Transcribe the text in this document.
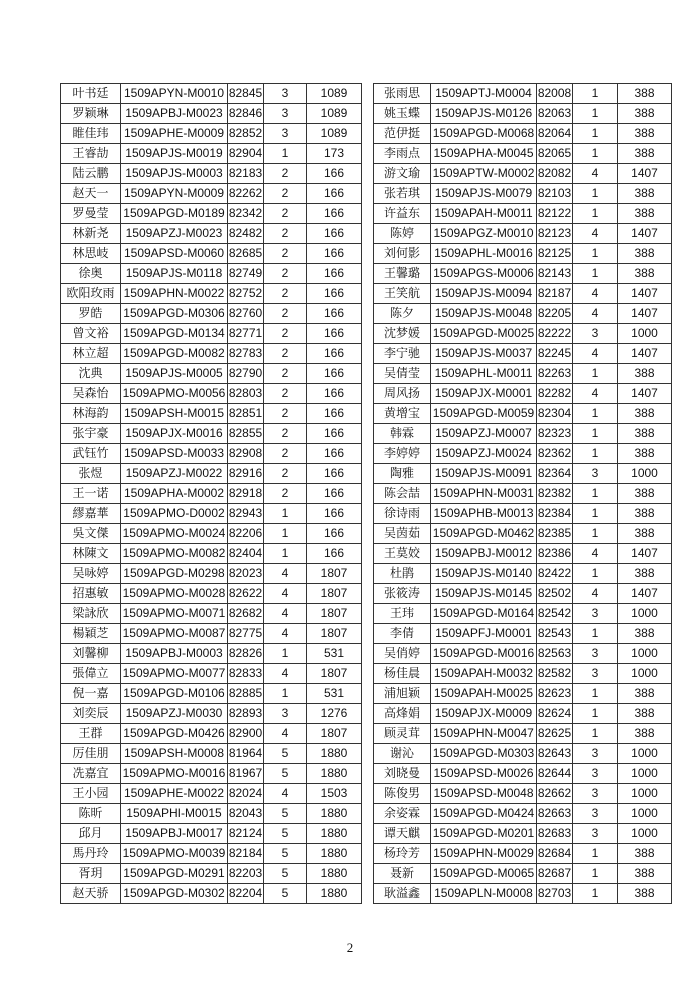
叶书廷	1509APYN-M0010	82845	3	1089
罗颖琳	1509APBJ-M0023	82846	3	1089
睢佳玮	1509APHE-M0009	82852	3	1089
王睿劼	1509APJS-M0019	82904	1	173
陆云鹏	1509APJS-M0003	82183	2	166
赵天一	1509APYN-M0009	82262	2	166
罗曼莹	1509APGD-M0189	82342	2	166
林新尧	1509APZJ-M0023	82482	2	166
林思岐	1509APSD-M0060	82685	2	166
徐奥	1509APJS-M0118	82749	2	166
欧阳玫雨	1509APHN-M0022	82752	2	166
罗皓	1509APGD-M0306	82760	2	166
曾文裕	1509APGD-M0134	82771	2	166
林立超	1509APGD-M0082	82783	2	166
沈典	1509APJS-M0005	82790	2	166
吴森怡	1509APMO-M0056	82803	2	166
林海韵	1509APSH-M0015	82851	2	166
张宇豪	1509APJX-M0016	82855	2	166
武钰竹	1509APSD-M0033	82908	2	166
张煜	1509APZJ-M0022	82916	2	166
王一诺	1509APHA-M0002	82918	2	166
繆嘉華	1509APMO-D0002	82943	1	166
吳文傑	1509APMO-M0024	82206	1	166
林陳文	1509APMO-M0082	82404	1	166
吴咏婷	1509APGD-M0298	82023	4	1807
招惠敏	1509APMO-M0028	82622	4	1807
梁詠欣	1509APMO-M0071	82682	4	1807
楊穎芝	1509APMO-M0087	82775	4	1807
刘馨柳	1509APBJ-M0003	82826	1	531
張偉立	1509APMO-M0077	82833	4	1807
倪一嘉	1509APGD-M0106	82885	1	531
刘奕辰	1509APZJ-M0030	82893	3	1276
王群	1509APGD-M0426	82900	4	1807
厉佳朋	1509APSH-M0008	81964	5	1880
冼嘉宜	1509APMO-M0016	81967	5	1880
王小园	1509APHE-M0022	82024	4	1503
陈昕	1509APHI-M0015	82043	5	1880
邱月	1509APBJ-M0017	82124	5	1880
馬丹玲	1509APMO-M0039	82184	5	1880
胥玥	1509APGD-M0291	82203	5	1880
赵天骄	1509APGD-M0302	82204	5	1880
张雨思	1509APTJ-M0004	82008	1	388
姚玉蝶	1509APJS-M0126	82063	1	388
范伊挺	1509APGD-M0068	82064	1	388
李雨点	1509APHA-M0045	82065	1	388
游文瑜	1509APTW-M0002	82082	4	1407
张若琪	1509APJS-M0079	82103	1	388
许益东	1509APAH-M0011	82122	1	388
陈婷	1509APGZ-M0010	82123	4	1407
刘何影	1509APHL-M0016	82125	1	388
王馨璐	1509APGS-M0006	82143	1	388
王笑航	1509APJS-M0094	82187	4	1407
陈夕	1509APJS-M0048	82205	4	1407
沈梦媛	1509APGD-M0025	82222	3	1000
李宁驰	1509APJS-M0037	82245	4	1407
吴倩莹	1509APHL-M0011	82263	1	388
周风扬	1509APJX-M0001	82282	4	1407
黄增宝	1509APGD-M0059	82304	1	388
韩霖	1509APZJ-M0007	82323	1	388
李婷婷	1509APZJ-M0024	82362	1	388
陶雅	1509APJS-M0091	82364	3	1000
陈会喆	1509APHN-M0031	82382	1	388
徐诗雨	1509APHB-M0013	82384	1	388
吴茵茹	1509APGD-M0462	82385	1	388
王莫姣	1509APBJ-M0012	82386	4	1407
杜鹃	1509APJS-M0140	82422	1	388
张筱涛	1509APJS-M0145	82502	4	1407
王玮	1509APGD-M0164	82542	3	1000
李倩	1509APFJ-M0001	82543	1	388
吴俏婷	1509APGD-M0016	82563	3	1000
杨佳晨	1509APAH-M0032	82582	3	1000
浦旭颖	1509APAH-M0025	82623	1	388
高烽娟	1509APJX-M0009	82624	1	388
顾灵茸	1509APHN-M0047	82625	1	388
谢沁	1509APGD-M0303	82643	3	1000
刘晓曼	1509APSD-M0026	82644	3	1000
陈俊男	1509APSD-M0048	82662	3	1000
余姿霖	1509APGD-M0424	82663	3	1000
谭天麒	1509APGD-M0201	82683	3	1000
杨玲芳	1509APHN-M0029	82684	1	388
聂新	1509APGD-M0065	82687	1	388
耿溢鑫	1509APLN-M0008	82703	1	388
2
